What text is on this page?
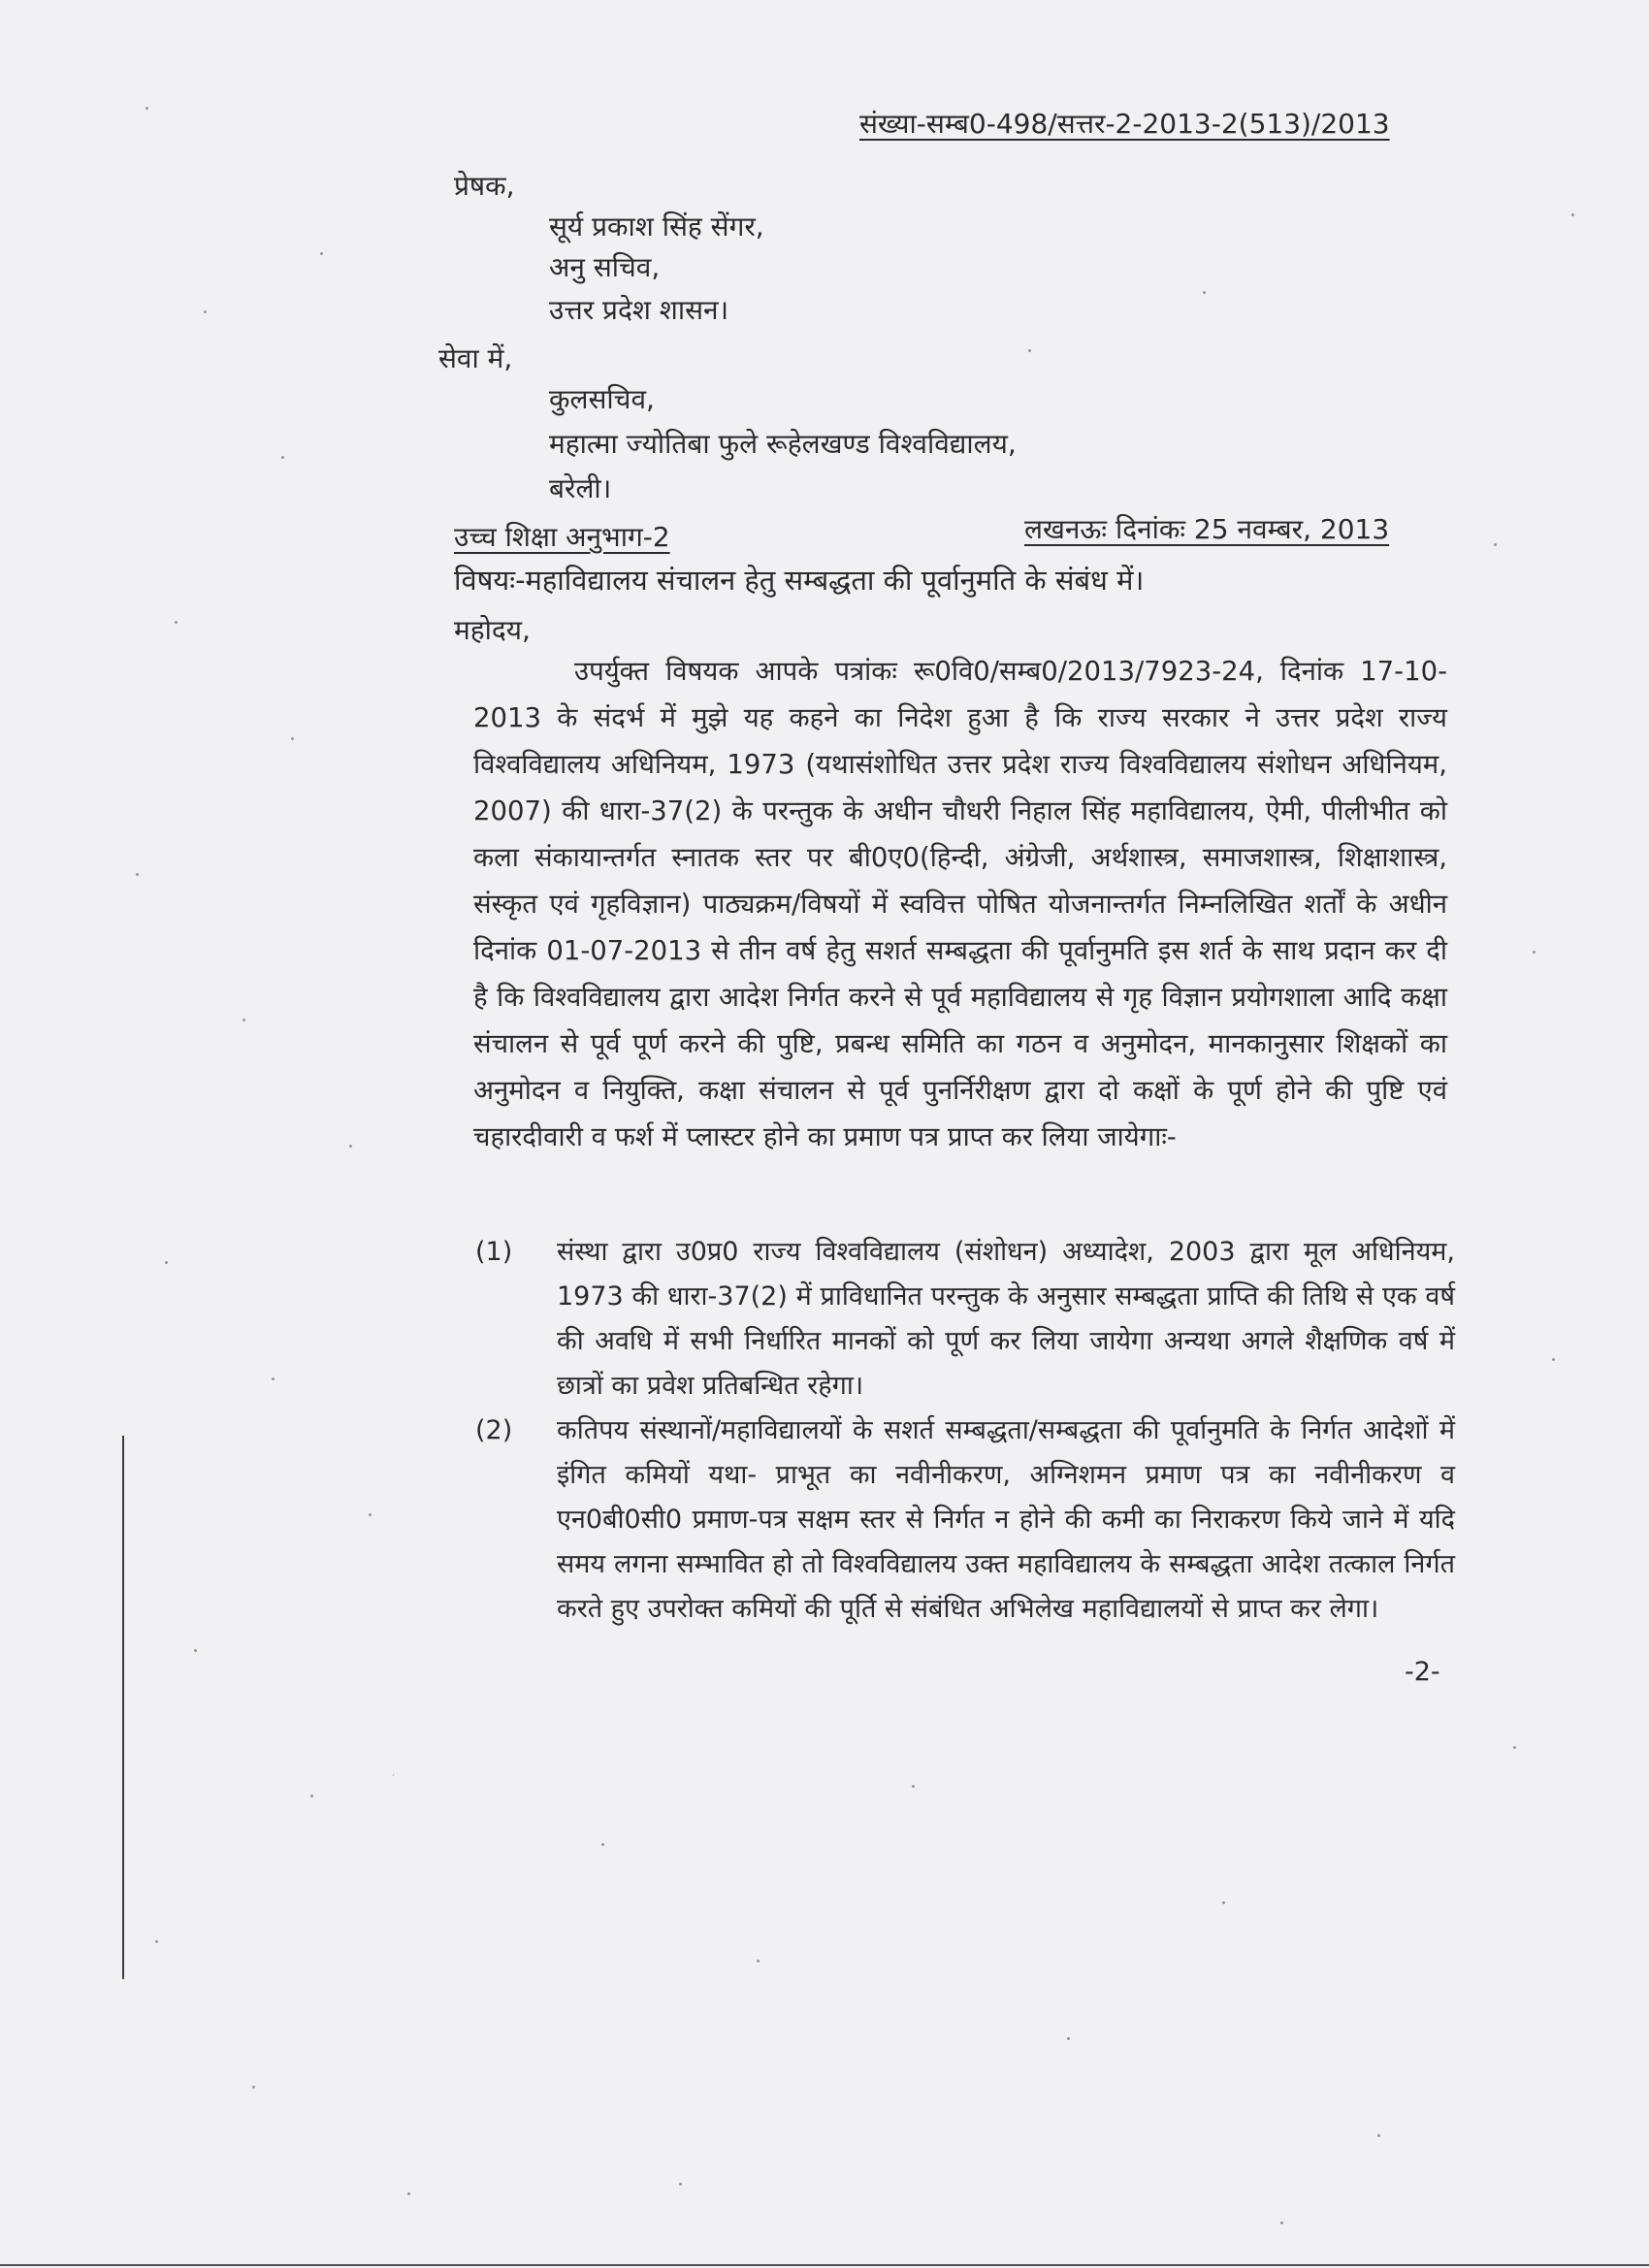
·
संख्या-सम्ब0-498/सत्तर-2-2013-2(513)/2013
प्रेषक,
सूर्य प्रकाश सिंह सेंगर,
अनु सचिव,
उत्तर प्रदेश शासन।
सेवा में,
कुलसचिव,
महात्मा ज्योतिबा फुले रूहेलखण्ड विश्वविद्यालय,
बरेली।
उच्च शिक्षा अनुभाग-2	लखनऊः दिनांकः 25 नवम्बर, 2013
विषयः-महाविद्यालय संचालन हेतु सम्बद्धता की पूर्वानुमति के संबंध में।
महोदय,

उपर्युक्त विषयक आपके पत्रांकः रू0वि0/सम्ब0/2013/7923-24, दिनांक 17-10-2013 के संदर्भ में मुझे यह कहने का निदेश हुआ है कि राज्य सरकार ने उत्तर प्रदेश राज्य विश्वविद्यालय अधिनियम, 1973 (यथासंशोधित उत्तर प्रदेश राज्य विश्वविद्यालय संशोधन अधिनियम, 2007) की धारा-37(2) के परन्तुक के अधीन चौधरी निहाल सिंह महाविद्यालय, ऐमी, पीलीभीत को कला संकायान्तर्गत स्नातक स्तर पर बी0ए0(हिन्दी, अंग्रेजी, अर्थशास्त्र, समाजशास्त्र, शिक्षाशास्त्र, संस्कृत एवं गृहविज्ञान) पाठ्यक्रम/विषयों में स्ववित्त पोषित योजनान्तर्गत निम्नलिखित शर्तों के अधीन दिनांक 01-07-2013 से तीन वर्ष हेतु सशर्त सम्बद्धता की पूर्वानुमति इस शर्त के साथ प्रदान कर दी है कि विश्वविद्यालय द्वारा आदेश निर्गत करने से पूर्व महाविद्यालय से गृह विज्ञान प्रयोगशाला आदि कक्षा संचालन से पूर्व पूर्ण करने की पुष्टि, प्रबन्ध समिति का गठन व अनुमोदन, मानकानुसार शिक्षकों का अनुमोदन व नियुक्ति, कक्षा संचालन से पूर्व पुनर्निरीक्षण द्वारा दो कक्षों के पूर्ण होने की पुष्टि एवं चहारदीवारी व फर्श में प्लास्टर होने का प्रमाण पत्र प्राप्त कर लिया जायेगाः-

(1)	संस्था द्वारा उ0प्र0 राज्य विश्वविद्यालय (संशोधन) अध्यादेश, 2003 द्वारा मूल अधिनियम, 1973 की धारा-37(2) में प्राविधानित परन्तुक के अनुसार सम्बद्धता प्राप्ति की तिथि से एक वर्ष की अवधि में सभी निर्धारित मानकों को पूर्ण कर लिया जायेगा अन्यथा अगले शैक्षणिक वर्ष में छात्रों का प्रवेश प्रतिबन्धित रहेगा।
(2)	कतिपय संस्थानों/महाविद्यालयों के सशर्त सम्बद्धता/सम्बद्धता की पूर्वानुमति के निर्गत आदेशों में इंगित कमियों यथा- प्राभूत का नवीनीकरण, अग्निशमन प्रमाण पत्र का नवीनीकरण व एन0बी0सी0 प्रमाण-पत्र सक्षम स्तर से निर्गत न होने की कमी का निराकरण किये जाने में यदि समय लगना सम्भावित हो तो विश्वविद्यालय उक्त महाविद्यालय के सम्बद्धता आदेश तत्काल निर्गत करते हुए उपरोक्त कमियों की पूर्ति से संबंधित अभिलेख महाविद्यालयों से प्राप्त कर लेगा।
-2-
